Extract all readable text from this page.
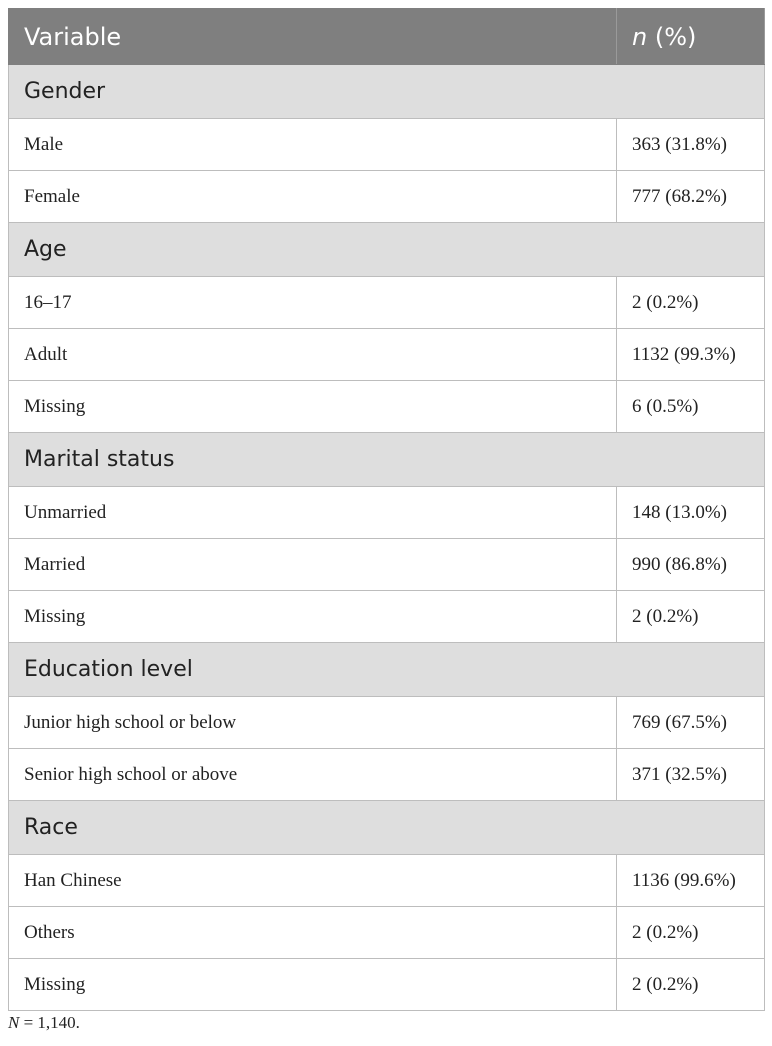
Variable	n (%)
Gender	
Male	363 (31.8%)
Female	777 (68.2%)
Age	
16–17	2 (0.2%)
Adult	1132 (99.3%)
Missing	6 (0.5%)
Marital status	
Unmarried	148 (13.0%)
Married	990 (86.8%)
Missing	2 (0.2%)
Education level	
Junior high school or below	769 (67.5%)
Senior high school or above	371 (32.5%)
Race	
Han Chinese	1136 (99.6%)
Others	2 (0.2%)
Missing	2 (0.2%)
N = 1,140.
